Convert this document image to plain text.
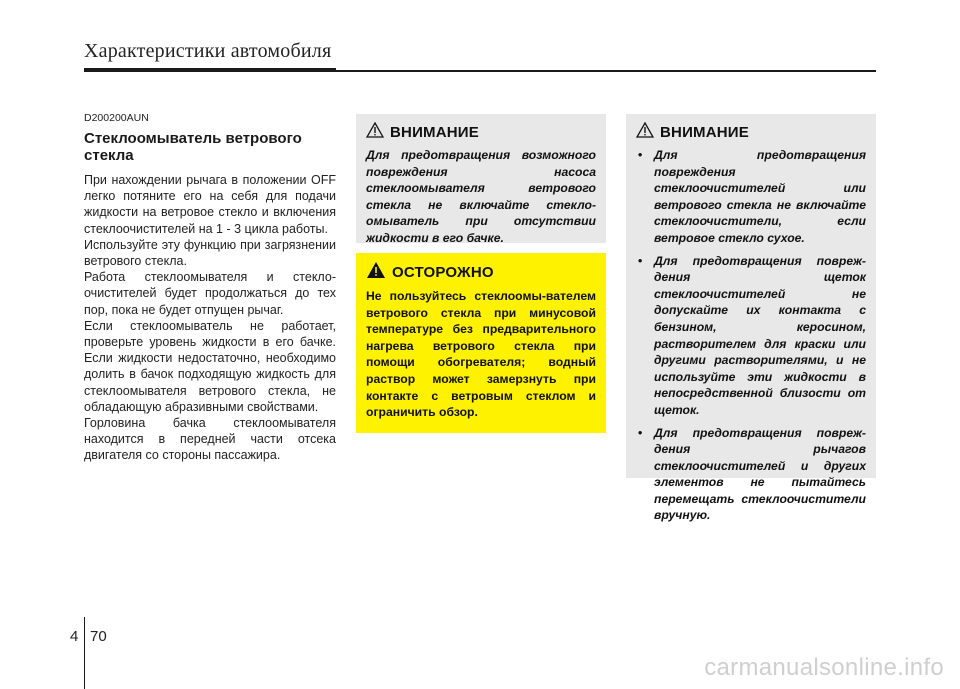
Характеристики автомобиля
D200200AUN
Стеклоомыватель ветрового стекла

При нахождении рычага в положении OFF легко потяните его на себя для подачи жидкости на ветровое стекло и включения стеклоочистителей на 1 - 3 цикла работы.

Используйте эту функцию при загрязнении ветрового стекла.

Работа стеклоомывателя и стекло-очистителей будет продолжаться до тех пор, пока не будет отпущен рычаг.

Если стеклоомыватель не работает, проверьте уровень жидкости в его бачке. Если жидкости недостаточно, необходимо долить в бачок подходящую жидкость для стеклоомывателя ветрового стекла, не обладающую абразивными свойствами.

Горловина бачка стеклоомывателя находится в передней части отсека двигателя со стороны пассажира.

ВНИМАНИЕ

Для предотвращения возможного повреждения насоса стеклоомывателя ветрового стекла не включайте стекло-омыватель при отсутствии жидкости в его бачке.

ОСТОРОЖНО

Не пользуйтесь стеклоомы-вателем ветрового стекла при минусовой температуре без предварительного нагрева ветрового стекла при помощи обогревателя; водный раствор может замерзнуть при контакте с ветровым стеклом и ограничить обзор.

ВНИМАНИЕ
• Для предотвращения повреждения стеклоочистителей или ветрового стекла не включайте стеклоочистители, если ветровое стекло сухое.
• Для предотвращения повреж-дения щеток стеклоочистителей не допускайте их контакта с бензином, керосином, растворителем для краски или другими растворителями, и не используйте эти жидкости в непосредственной близости от щеток.
• Для предотвращения повреж-дения рычагов стеклоочистителей и других элементов не пытайтесь перемещать стеклоочистители вручную.
4 70
carmanualsonline.info
